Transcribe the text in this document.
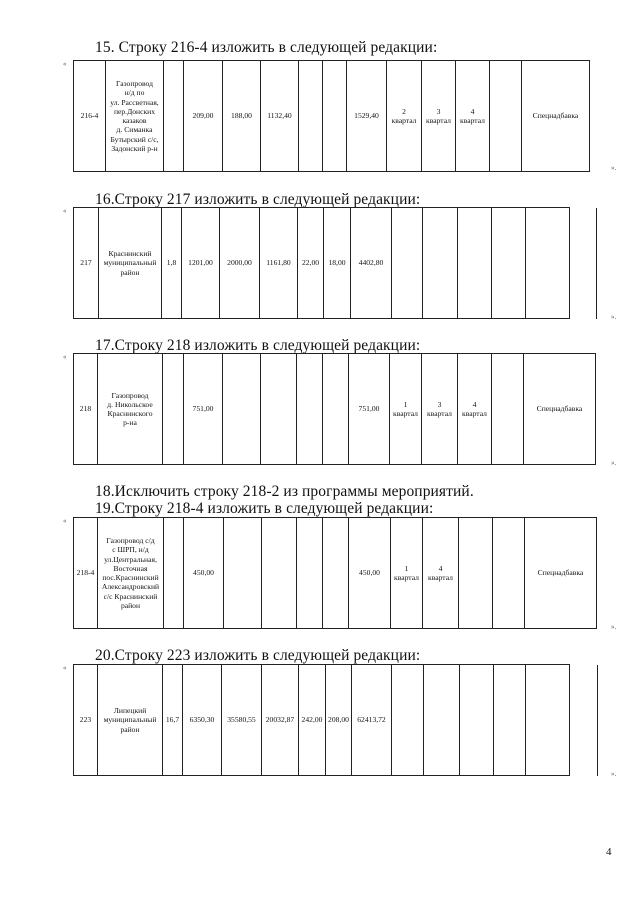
15. Строку 216-4 изложить в следующей редакции:
«
216-4	Газопровод
н/д по
ул. Рассветная,
пер.Донских
казаков
д. Симанка
Бутырский с/с,
Задонский р-н		209,00	188,00	1132,40			1529,40	2
квартал	3
квартал	4
квартал		Спецнадбавка
».
16.Строку 217 изложить в следующей редакции:
«
217	Краснинский
муниципальный
район	1,8	1201,00	2000,00	1161,80	22,00	18,00	4402,80						
».
17.Строку 218 изложить в следующей редакции:
«
218	Газопровод
д. Никольское
Краснинского
р-на		751,00					751,00	1
квартал	3
квартал	4
квартал		Спецнадбавка
».
18.Исключить строку 218-2 из программы мероприятий.
19.Строку 218-4 изложить в следующей редакции:
«
218-4	Газопровод с/д
с ШРП, н/д
ул.Центральная,
Восточная
пос.Краснинский
Александровский
с/с Краснинский
район		450,00					450,00	1
квартал	4
квартал			Спецнадбавка
».
20.Строку 223 изложить в следующей редакции:
«
223	Липецкий
муниципальный
район	16,7	6350,30	35580,55	20032,87	242,00	208,00	62413,72						
».
4
